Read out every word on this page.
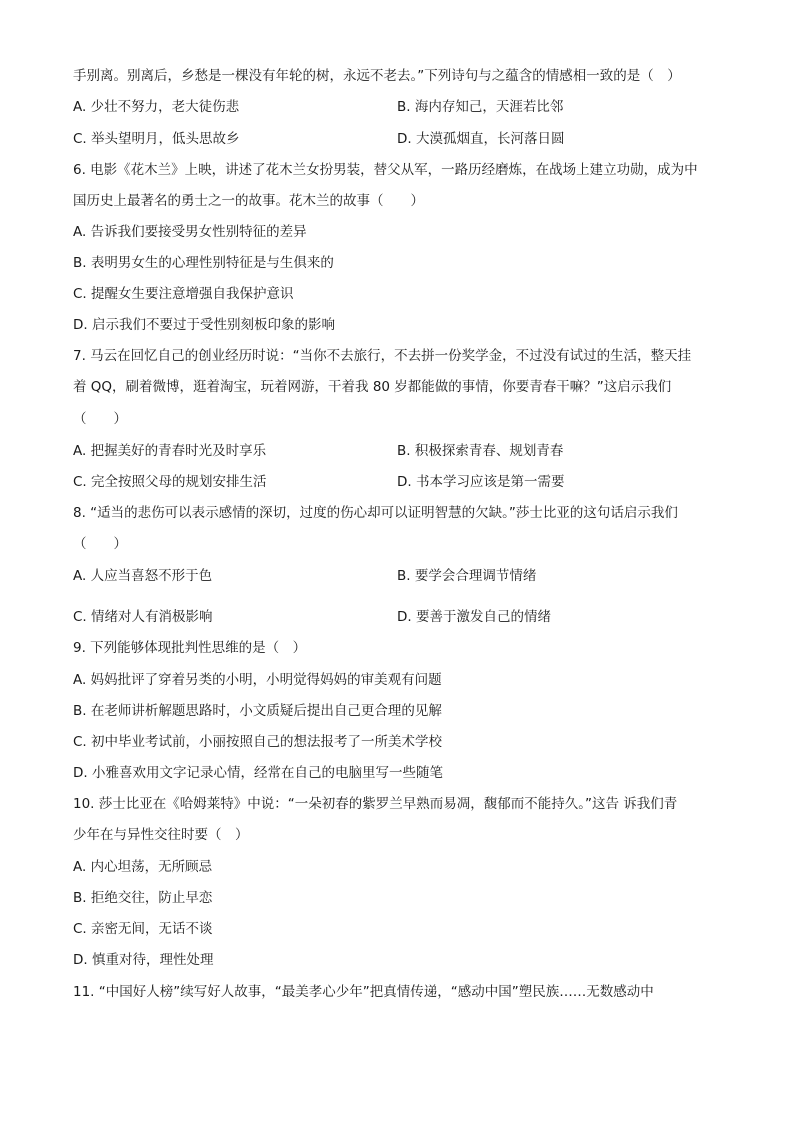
手别离。别离后，乡愁是一棵没有年轮的树，永远不老去。”下列诗句与之蕴含的情感相一致的是（　）
A. 少壮不努力，老大徒伤悲	B. 海内存知己，天涯若比邻
C. 举头望明月，低头思故乡	D. 大漠孤烟直，长河落日圆
6. 电影《花木兰》上映，讲述了花木兰女扮男装，替父从军，一路历经磨炼，在战场上建立功勋，成为中
国历史上最著名的勇士之一的故事。花木兰的故事（　　）
A. 告诉我们要接受男女性别特征的差异
B. 表明男女生的心理性别特征是与生俱来的
C. 提醒女生要注意增强自我保护意识
D. 启示我们不要过于受性别刻板印象的影响
7. 马云在回忆自己的创业经历时说：“当你不去旅行，不去拼一份奖学金，不过没有试过的生活，整天挂
着 QQ，刷着微博，逛着淘宝，玩着网游，干着我 80 岁都能做的事情，你要青春干嘛？”这启示我们
（　　）
A. 把握美好的青春时光及时享乐	B. 积极探索青春、规划青春
C. 完全按照父母的规划安排生活	D. 书本学习应该是第一需要
8. “适当的悲伤可以表示感情的深切，过度的伤心却可以证明智慧的欠缺。”莎士比亚的这句话启示我们
（　　）
A. 人应当喜怒不形于色	B. 要学会合理调节情绪
C. 情绪对人有消极影响	D. 要善于激发自己的情绪
9. 下列能够体现批判性思维的是（　）
A. 妈妈批评了穿着另类的小明，小明觉得妈妈的审美观有问题
B. 在老师讲析解题思路时，小文质疑后提出自己更合理的见解
C. 初中毕业考试前，小丽按照自己的想法报考了一所美术学校
D. 小雅喜欢用文字记录心情，经常在自己的电脑里写一些随笔
10. 莎士比亚在《哈姆莱特》中说：“一朵初春的紫罗兰早熟而易凋，馥郁而不能持久。”这告 诉我们青
少年在与异性交往时要（　）
A. 内心坦荡，无所顾忌
B. 拒绝交往，防止早恋
C. 亲密无间，无话不谈
D. 慎重对待，理性处理
11. “中国好人榜”续写好人故事，“最美孝心少年”把真情传递，“感动中国”塑民族……无数感动中
